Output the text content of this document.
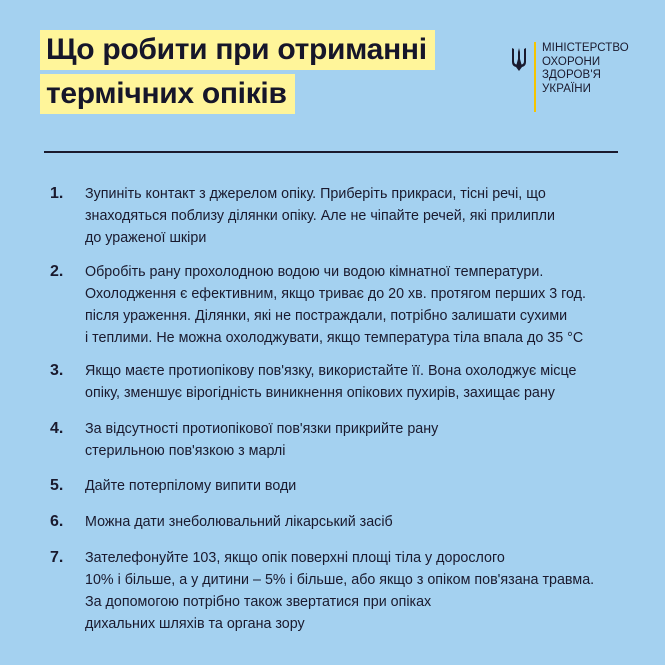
Що робити при отриманні
термічних опіків
МІНІСТЕРСТВО
ОХОРОНИ
ЗДОРОВ'Я
УКРАЇНИ
1. Зупиніть контакт з джерелом опіку. Приберіть прикраси, тісні речі, що
знаходяться поблизу ділянки опіку. Але не чіпайте речей, які прилипли
до ураженої шкіри
2. Обробіть рану прохолодною водою чи водою кімнатної температури.
Охолодження є ефективним, якщо триває до 20 хв. протягом перших 3 год.
після ураження. Ділянки, які не постраждали, потрібно залишати сухими
і теплими. Не можна охолоджувати, якщо температура тіла впала до 35 °С
3. Якщо маєте протиопікову пов'язку, використайте її. Вона охолоджує місце
опіку, зменшує вірогідність виникнення опікових пухирів, захищає рану
4. За відсутності протиопікової пов'язки прикрийте рану
стерильною пов'язкою з марлі
5. Дайте потерпілому випити води
6. Можна дати знеболювальний лікарський засіб
7. Зателефонуйте 103, якщо опік поверхні площі тіла у дорослого
10% і більше, а у дитини – 5% і більше, або якщо з опіком пов'язана травма.
За допомогою потрібно також звертатися при опіках
дихальних шляхів та органа зору
